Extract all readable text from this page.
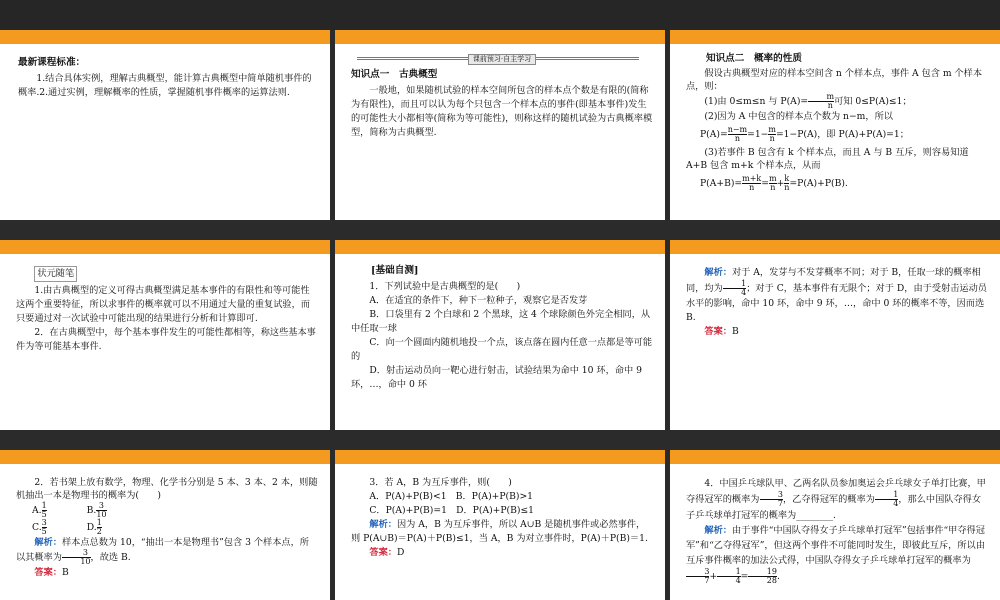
最新课程标准：

1.结合具体实例，理解古典概型，能计算古典概型中简单随机事件的概率.2.通过实例，理解概率的性质，掌握随机事件概率的运算法则.

课前预习·自主学习
知识点一　古典概型

一般地，如果随机试验的样本空间所包含的样本点个数是有限的(简称为有限性)，而且可以认为每个只包含一个样本点的事件(即基本事件)发生的可能性大小都相等(简称为等可能性)，则称这样的随机试验为古典概率模型，简称为古典概型.

知识点二　概率的性质

假设古典概型对应的样本空间含 n 个样本点，事件 A 包含 m 个样本点，则：

(1)由 0≤m≤n 与 $P(A)= \frac{m}{n}$ 可知 0≤P(A)≤1；

(2)因为 A 中包含的样本点个数为 n−m，所以

$P(A)= \frac{n-m}{n} =1- \frac{m}{n} =1-P(A)$，即 P(A)+P(A)=1；

(3)若事件 B 包含有 k 个样本点，而且 A 与 B 互斥，则容易知道 A+B 包含 m+k 个样本点，从而

$P(A+B)= \frac{m+k}{n} = \frac{m}{n} + \frac{k}{n} =P(A)+P(B)$.

状元随笔

1.由古典概型的定义可得古典概型满足基本事件的有限性和等可能性这两个重要特征，所以求事件的概率就可以不用通过大量的重复试验，而只要通过对一次试验中可能出现的结果进行分析和计算即可.

2．在古典概型中，每个基本事件发生的可能性都相等，称这些基本事件为等可能基本事件.

[基础自测]

1．下列试验中是古典概型的是(　　)

A．在适宜的条件下，种下一粒种子，观察它是否发芽

B．口袋里有 2 个白球和 2 个黑球，这 4 个球除颜色外完全相同，从中任取一球

C．向一个圆面内随机地投一个点，该点落在圆内任意一点都是等可能的

D．射击运动员向一靶心进行射击，试验结果为命中 10 环，命中 9 环，…，命中 0 环

解析：对于 A，发芽与不发芽概率不同；对于 B，任取一球的概率相同，均为 $\frac{1}{4}$ ；对于 C，基本事件有无限个；对于 D，由于受射击运动员水平的影响，命中 10 环，命中 9 环，…，命中 0 环的概率不等，因而选 B.

答案：B

2．若书架上放有数学，物理、化学书分别是 5 本、3 本、2 本，则随机抽出一本是物理书的概率为(　　)

A. $\frac{1}{5}$	B. $\frac{3}{10}$
C. $\frac{3}{5}$	D. $\frac{1}{2}$

解析：样本点总数为 10，“抽出一本是物理书”包含 3 个样本点，所以其概率为 $\frac{3}{10}$ ，故选 B.

答案：B

3．若 A，B 为互斥事件，则(　　)

A．P(A)+P(B)<1　B．P(A)+P(B)>1

C．P(A)+P(B)=1　D．P(A)+P(B)≤1

解析：因为 A，B 为互斥事件，所以 A∪B 是随机事件或必然事件，则 P(A∪B)＝P(A)＋P(B)≤1，当 A，B 为对立事件时，P(A)＋P(B)＝1.

答案：D

4．中国乒乓球队甲、乙两名队员参加奥运会乒乓球女子单打比赛，甲夺得冠军的概率为 $\frac{3}{7}$ ，乙夺得冠军的概率为 $\frac{1}{4}$ ，那么中国队夺得女子乒乓球单打冠军的概率为________.

解析：由于事件“中国队夺得女子乒乓球单打冠军”包括事件“甲夺得冠军”和“乙夺得冠军”，但这两个事件不可能同时发生，即彼此互斥，所以由互斥事件概率的加法公式得，中国队夺得女子乒乓球单打冠军的概率为
$\frac{3}{7} + \frac{1}{4} = \frac{19}{28}$ .
